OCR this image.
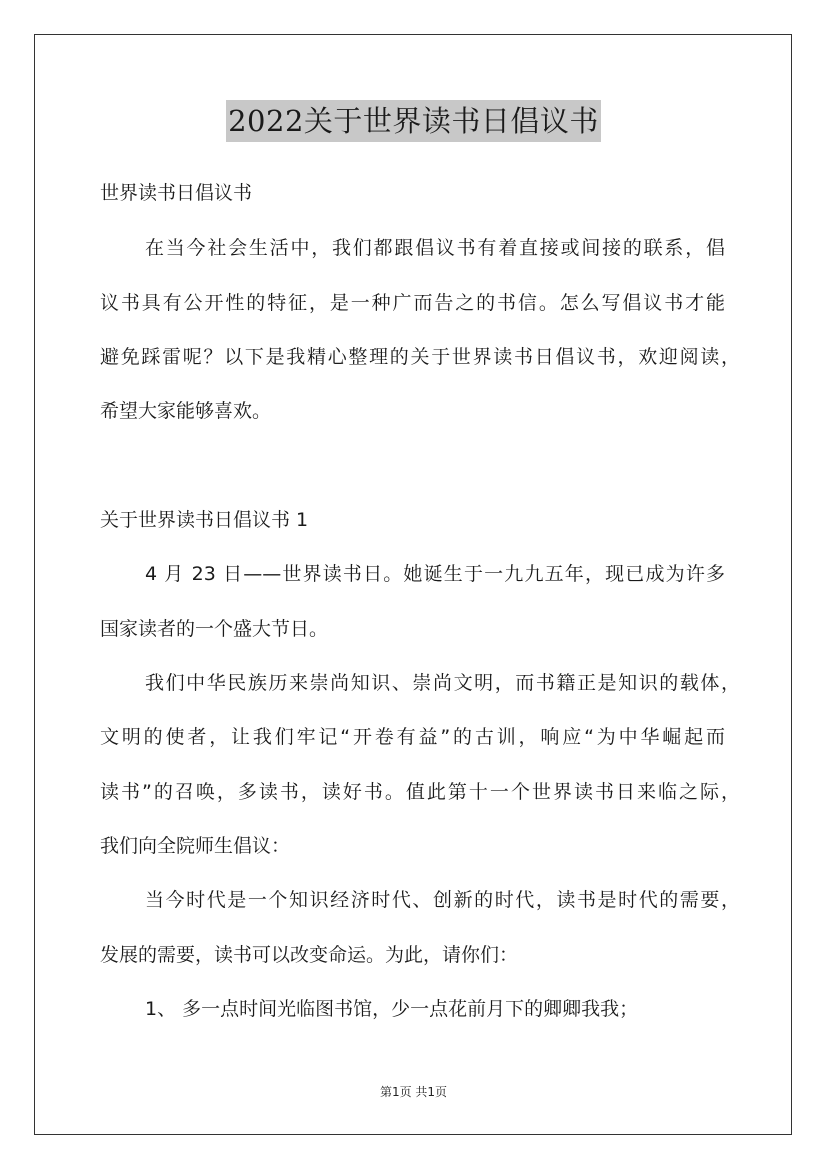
2022关于世界读书日倡议书
世界读书日倡议书
在当今社会生活中，我们都跟倡议书有着直接或间接的联系，倡
议书具有公开性的特征，是一种广而告之的书信。怎么写倡议书才能
避免踩雷呢？以下是我精心整理的关于世界读书日倡议书，欢迎阅读，
希望大家能够喜欢。
关于世界读书日倡议书 1
4 月 23 日——世界读书日。她诞生于一九九五年，现已成为许多
国家读者的一个盛大节日。
我们中华民族历来崇尚知识、崇尚文明，而书籍正是知识的载体，
文明的使者，让我们牢记“开卷有益”的古训，响应“为中华崛起而
读书”的召唤，多读书，读好书。值此第十一个世界读书日来临之际，
我们向全院师生倡议：
当今时代是一个知识经济时代、创新的时代，读书是时代的需要，
发展的需要，读书可以改变命运。为此，请你们：
1、 多一点时间光临图书馆，少一点花前月下的卿卿我我；
第1页 共1页
